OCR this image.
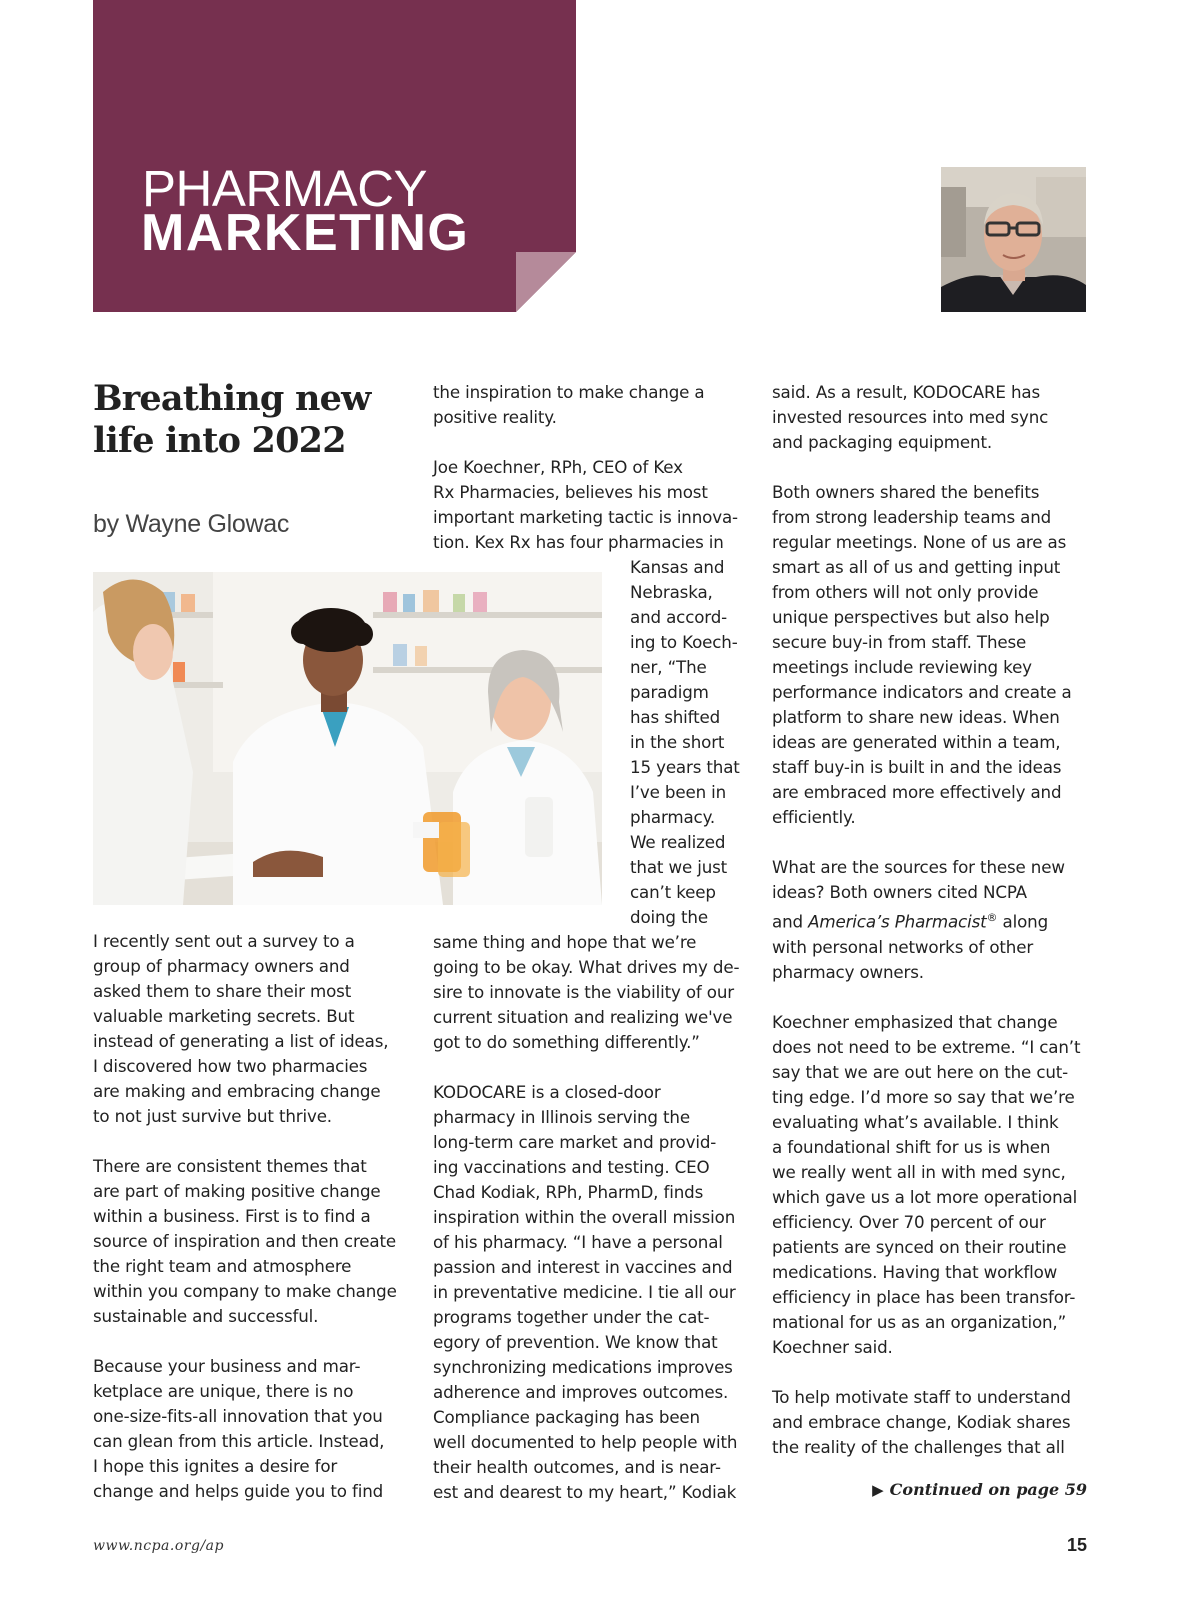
PHARMACY
MARKETING
Breathing new life into 2022
by Wayne Glowac

I recently sent out a survey to a
group of pharmacy owners and
asked them to share their most
valuable marketing secrets. But
instead of generating a list of ideas,
I discovered how two pharmacies
are making and embracing change
to not just survive but thrive.
There are consistent themes that
are part of making positive change
within a business. First is to find a
source of inspiration and then create
the right team and atmosphere
within you company to make change
sustainable and successful.
Because your business and mar-
ketplace are unique, there is no
one-size-fits-all innovation that you
can glean from this article. Instead,
I hope this ignites a desire for
change and helps guide you to find

the inspiration to make change a
positive reality.
Joe Koechner, RPh, CEO of Kex
Rx Pharmacies, believes his most
important marketing tactic is innova-
tion. Kex Rx has four pharmacies in

Kansas and
Nebraska,
and accord-
ing to Koech-
ner, “The
paradigm
has shifted
in the short
15 years that
I’ve been in
pharmacy.
We realized
that we just
can’t keep
doing the

same thing and hope that we’re
going to be okay. What drives my de-
sire to innovate is the viability of our
current situation and realizing we've
got to do something differently.”
KODOCARE is a closed-door
pharmacy in Illinois serving the
long-term care market and provid-
ing vaccinations and testing. CEO
Chad Kodiak, RPh, PharmD, finds
inspiration within the overall mission
of his pharmacy. “I have a personal
passion and interest in vaccines and
in preventative medicine. I tie all our
programs together under the cat-
egory of prevention. We know that
synchronizing medications improves
adherence and improves outcomes.
Compliance packaging has been
well documented to help people with
their health outcomes, and is near-
est and dearest to my heart,” Kodiak

said. As a result, KODOCARE has
invested resources into med sync
and packaging equipment.
Both owners shared the benefits
from strong leadership teams and
regular meetings. None of us are as
smart as all of us and getting input
from others will not only provide
unique perspectives but also help
secure buy-in from staff. These
meetings include reviewing key
performance indicators and create a
platform to share new ideas. When
ideas are generated within a team,
staff buy-in is built in and the ideas
are embraced more effectively and
efficiently.
What are the sources for these new
ideas? Both owners cited NCPA

and America’s Pharmacist® along

with personal networks of other
pharmacy owners.
Koechner emphasized that change
does not need to be extreme. “I can’t
say that we are out here on the cut-
ting edge. I’d more so say that we’re
evaluating what’s available. I think
a foundational shift for us is when
we really went all in with med sync,
which gave us a lot more operational
efficiency. Over 70 percent of our
patients are synced on their routine
medications. Having that workflow
efficiency in place has been transfor-
mational for us as an organization,”
Koechner said.
To help motivate staff to understand
and embrace change, Kodiak shares
the reality of the challenges that all

▶ Continued on page 59
www.ncpa.org/ap	15
